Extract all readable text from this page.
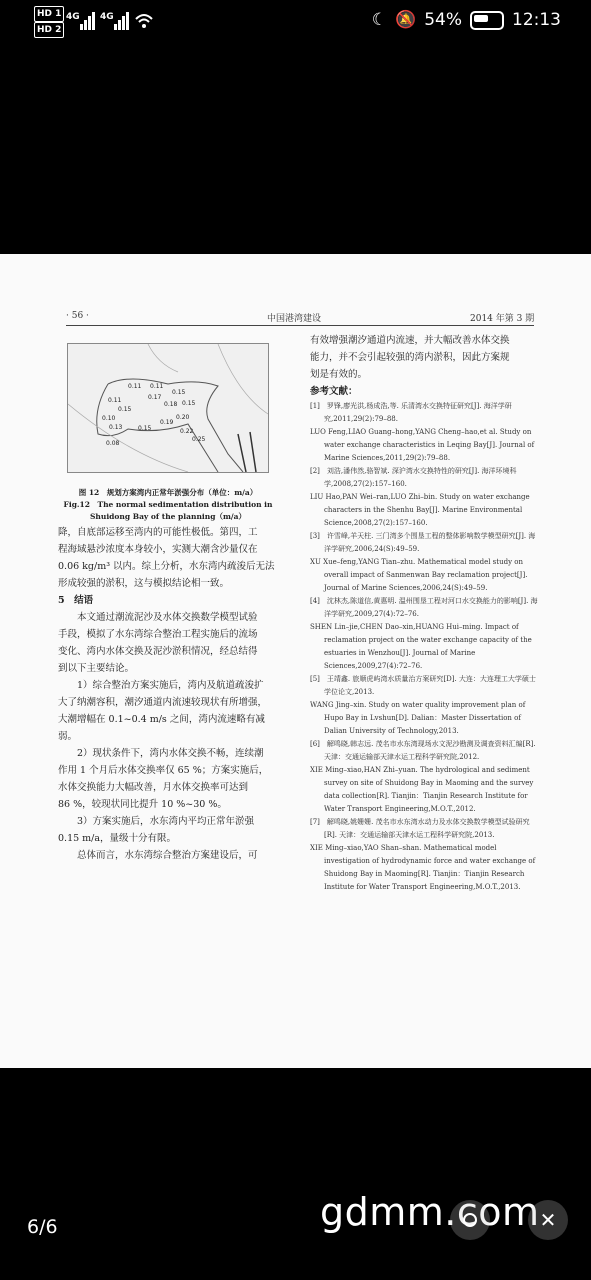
HD 1
HD 2
4G 4G	☾ 🔕 54%	12:13
· 56 ·	中国港湾建设	2014 年第 3 期
0.11 0.11
0.15
0.11	0.17
0.18 0.15
0.15
0.10
0.19
0.20
0.13	0.15	0.22
0.25
0.08
图 12　规划方案湾内正常年淤强分布（单位：m/a）
Fig.12　The normal sedimentation distribution in
Shuidong Bay of the planning（m/a）
降，自底部运移至湾内的可能性极低。第四，工
程海域悬沙浓度本身较小，实测大潮含沙量仅在
0.06 kg/m³ 以内。综上分析，水东湾内疏浚后无法
形成较强的淤积，这与模拟结论相一致。
5　结语
　　本文通过潮流泥沙及水体交换数学模型试验
手段，模拟了水东湾综合整治工程实施后的流场
变化、湾内水体交换及泥沙淤积情况，经总结得
到以下主要结论。
　　1）综合整治方案实施后，湾内及航道疏浚扩
大了纳潮容积，潮汐通道内流速较现状有所增强，
大潮增幅在 0.1~0.4 m/s 之间，湾内流速略有减
弱。
　　2）现状条件下，湾内水体交换不畅，连续潮
作用 1 个月后水体交换率仅 65 %；方案实施后，
水体交换能力大幅改善，月水体交换率可达到
86 %，较现状同比提升 10 %~30 %。
　　3）方案实施后，水东湾内平均正常年淤强
0.15 m/a，量级十分有限。
　　总体而言，水东湾综合整治方案建设后，可
有效增强潮汐通道内流速，并大幅改善水体交换
能力，并不会引起较强的湾内淤积，因此方案规
划是有效的。
参考文献：

[1]　罗锋,廖光洪,杨成浩,等. 乐清湾水交换特征研究[J]. 海洋学研究,2011,29(2):79–88.

LUO Feng,LIAO Guang–hong,YANG Cheng–hao,et al. Study on water exchange characteristics in Leqing Bay[J]. Journal of Marine Sciences,2011,29(2):79–88.

[2]　刘浩,潘伟然,骆智斌. 深沪湾水交换特性的研究[J]. 海洋环境科学,2008,27(2):157–160.

LIU Hao,PAN Wei–ran,LUO Zhi–bin. Study on water exchange characters in the Shenhu Bay[J]. Marine Environmental Science,2008,27(2):157–160.

[3]　许雪峰,羊天柱. 三门湾多个围垦工程的整体影响数学模型研究[J]. 海洋学研究,2006,24(S):49–59.

XU Xue–feng,YANG Tian–zhu. Mathematical model study on overall impact of Sanmenwan Bay reclamation project[J]. Journal of Marine Sciences,2006,24(S):49–59.

[4]　沈林杰,陈道信,黄惠明. 温州围垦工程对河口水交换能力的影响[J]. 海洋学研究,2009,27(4):72–76.

SHEN Lin–jie,CHEN Dao–xin,HUANG Hui–ming. Impact of reclamation project on the water exchange capacity of the estuaries in Wenzhou[J]. Journal of Marine Sciences,2009,27(4):72–76.

[5]　王靖鑫. 旅顺虎屿湾水质量治方案研究[D]. 大连：大连理工大学硕士学位论文,2013.

WANG Jing–xin. Study on water quality improvement plan of Hupo Bay in Lvshun[D]. Dalian：Master Dissertation of Dalian University of Technology,2013.

[6]　解鸣晓,韩志远. 茂名市水东湾现场水文泥沙勘测及调查资料汇编[R]. 天津：交通运输部天津水运工程科学研究院,2012.

XIE Ming–xiao,HAN Zhi–yuan. The hydrological and sediment survey on site of Shuidong Bay in Maoming and the survey data collection[R]. Tianjin：Tianjin Research Institute for Water Transport Engineering,M.O.T.,2012.

[7]　解鸣晓,姚姗姗. 茂名市水东湾水动力及水体交换数学模型试验研究[R]. 天津：交通运输部天津水运工程科学研究院,2013.

XIE Ming–xiao,YAO Shan–shan. Mathematical model investigation of hydrodynamic force and water exchange of Shuidong Bay in Maoming[R]. Tianjin：Tianjin Research Institute for Water Transport Engineering,M.O.T.,2013.

6/6	gdmm.com ✕
